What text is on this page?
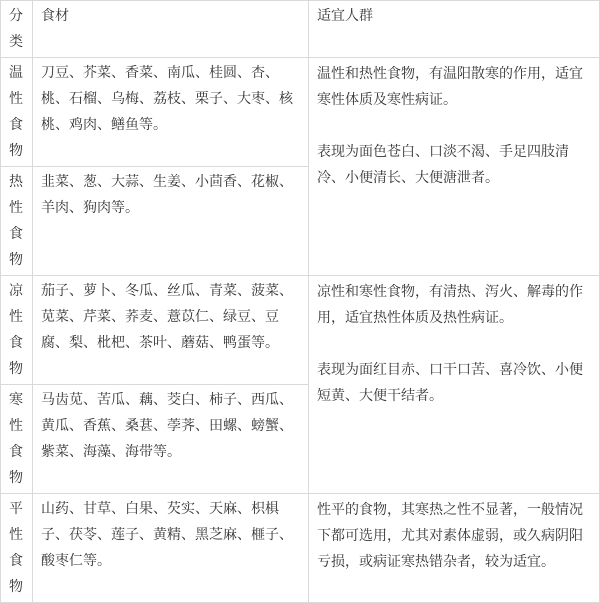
分类	食材	适宜人群
温性食物	刀豆、芥菜、香菜、南瓜、桂圆、杏、桃、石榴、乌梅、荔枝、栗子、大枣、核桃、鸡肉、鳝鱼等。	温性和热性食物，有温阳散寒的作用，适宜寒性体质及寒性病证。

表现为面色苍白、口淡不渴、手足四肢清冷、小便清长、大便溏泄者。

热性食物	韭菜、葱、大蒜、生姜、小茴香、花椒、羊肉、狗肉等。	
凉性食物	茄子、萝卜、冬瓜、丝瓜、青菜、菠菜、苋菜、芹菜、荞麦、薏苡仁、绿豆、豆腐、梨、枇杷、茶叶、蘑菇、鸭蛋等。	凉性和寒性食物，有清热、泻火、解毒的作用，适宜热性体质及热性病证。

表现为面红目赤、口干口苦、喜冷饮、小便短黄、大便干结者。

寒性食物	马齿苋、苦瓜、藕、茭白、柿子、西瓜、黄瓜、香蕉、桑葚、荸荠、田螺、螃蟹、紫菜、海藻、海带等。	
平性食物	山药、甘草、白果、芡实、天麻、枳椇子、茯苓、莲子、黄精、黑芝麻、榧子、酸枣仁等。	性平的食物，其寒热之性不显著，一般情况下都可选用，尤其对素体虚弱，或久病阴阳亏损，或病证寒热错杂者，较为适宜。
